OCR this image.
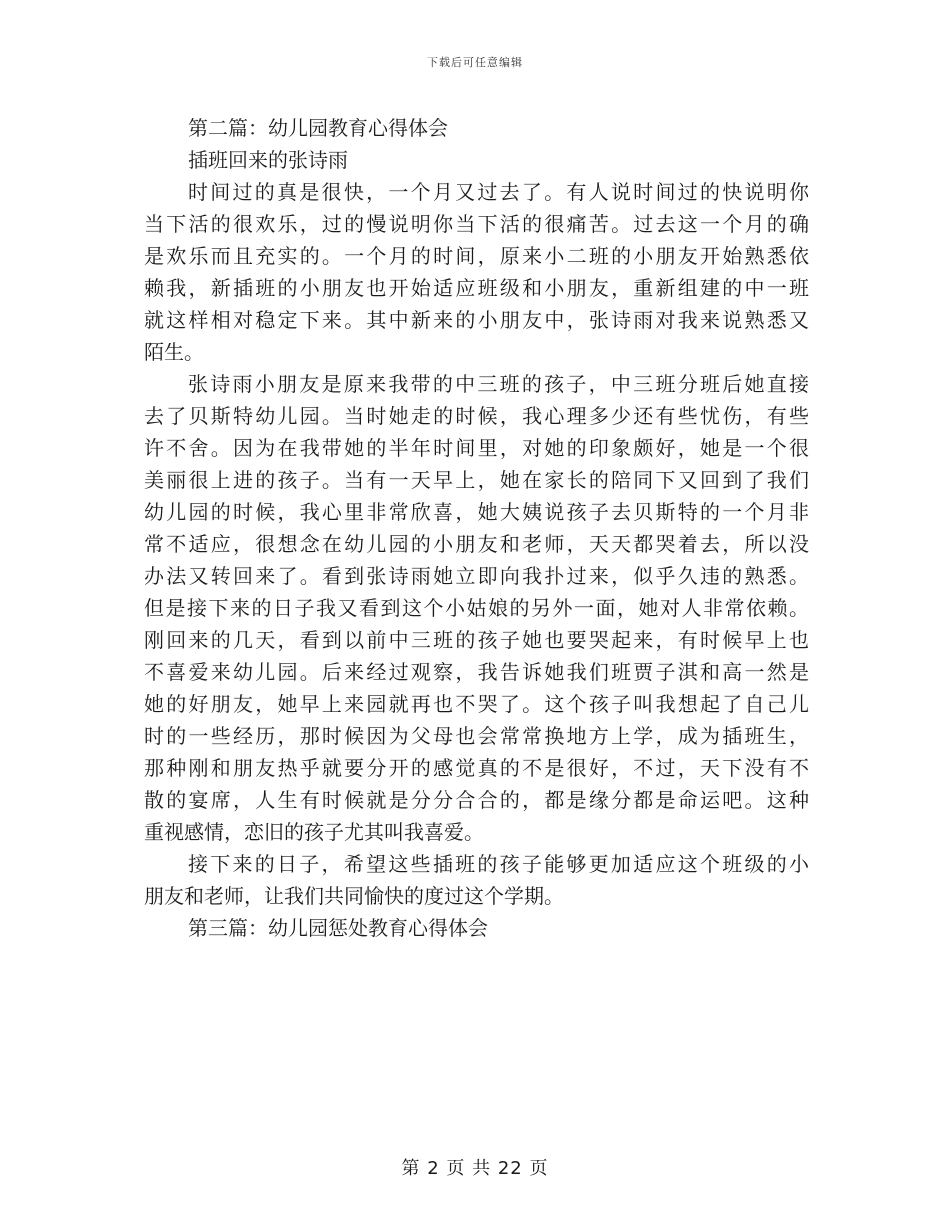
下载后可任意编辑
第二篇：幼儿园教育心得体会
插班回来的张诗雨
时间过的真是很快，一个月又过去了。有人说时间过的快说明你
当下活的很欢乐，过的慢说明你当下活的很痛苦。过去这一个月的确
是欢乐而且充实的。一个月的时间，原来小二班的小朋友开始熟悉依
赖我，新插班的小朋友也开始适应班级和小朋友，重新组建的中一班
就这样相对稳定下来。其中新来的小朋友中，张诗雨对我来说熟悉又
陌生。
张诗雨小朋友是原来我带的中三班的孩子，中三班分班后她直接
去了贝斯特幼儿园。当时她走的时候，我心理多少还有些忧伤，有些
许不舍。因为在我带她的半年时间里，对她的印象颇好，她是一个很
美丽很上进的孩子。当有一天早上，她在家长的陪同下又回到了我们
幼儿园的时候，我心里非常欣喜，她大姨说孩子去贝斯特的一个月非
常不适应，很想念在幼儿园的小朋友和老师，天天都哭着去，所以没
办法又转回来了。看到张诗雨她立即向我扑过来，似乎久违的熟悉。
但是接下来的日子我又看到这个小姑娘的另外一面，她对人非常依赖。
刚回来的几天，看到以前中三班的孩子她也要哭起来，有时候早上也
不喜爱来幼儿园。后来经过观察，我告诉她我们班贾子淇和高一然是
她的好朋友，她早上来园就再也不哭了。这个孩子叫我想起了自己儿
时的一些经历，那时候因为父母也会常常换地方上学，成为插班生，
那种刚和朋友热乎就要分开的感觉真的不是很好，不过，天下没有不
散的宴席，人生有时候就是分分合合的，都是缘分都是命运吧。这种
重视感情，恋旧的孩子尤其叫我喜爱。
接下来的日子，希望这些插班的孩子能够更加适应这个班级的小
朋友和老师，让我们共同愉快的度过这个学期。
第三篇：幼儿园惩处教育心得体会
第 2 页 共 22 页
